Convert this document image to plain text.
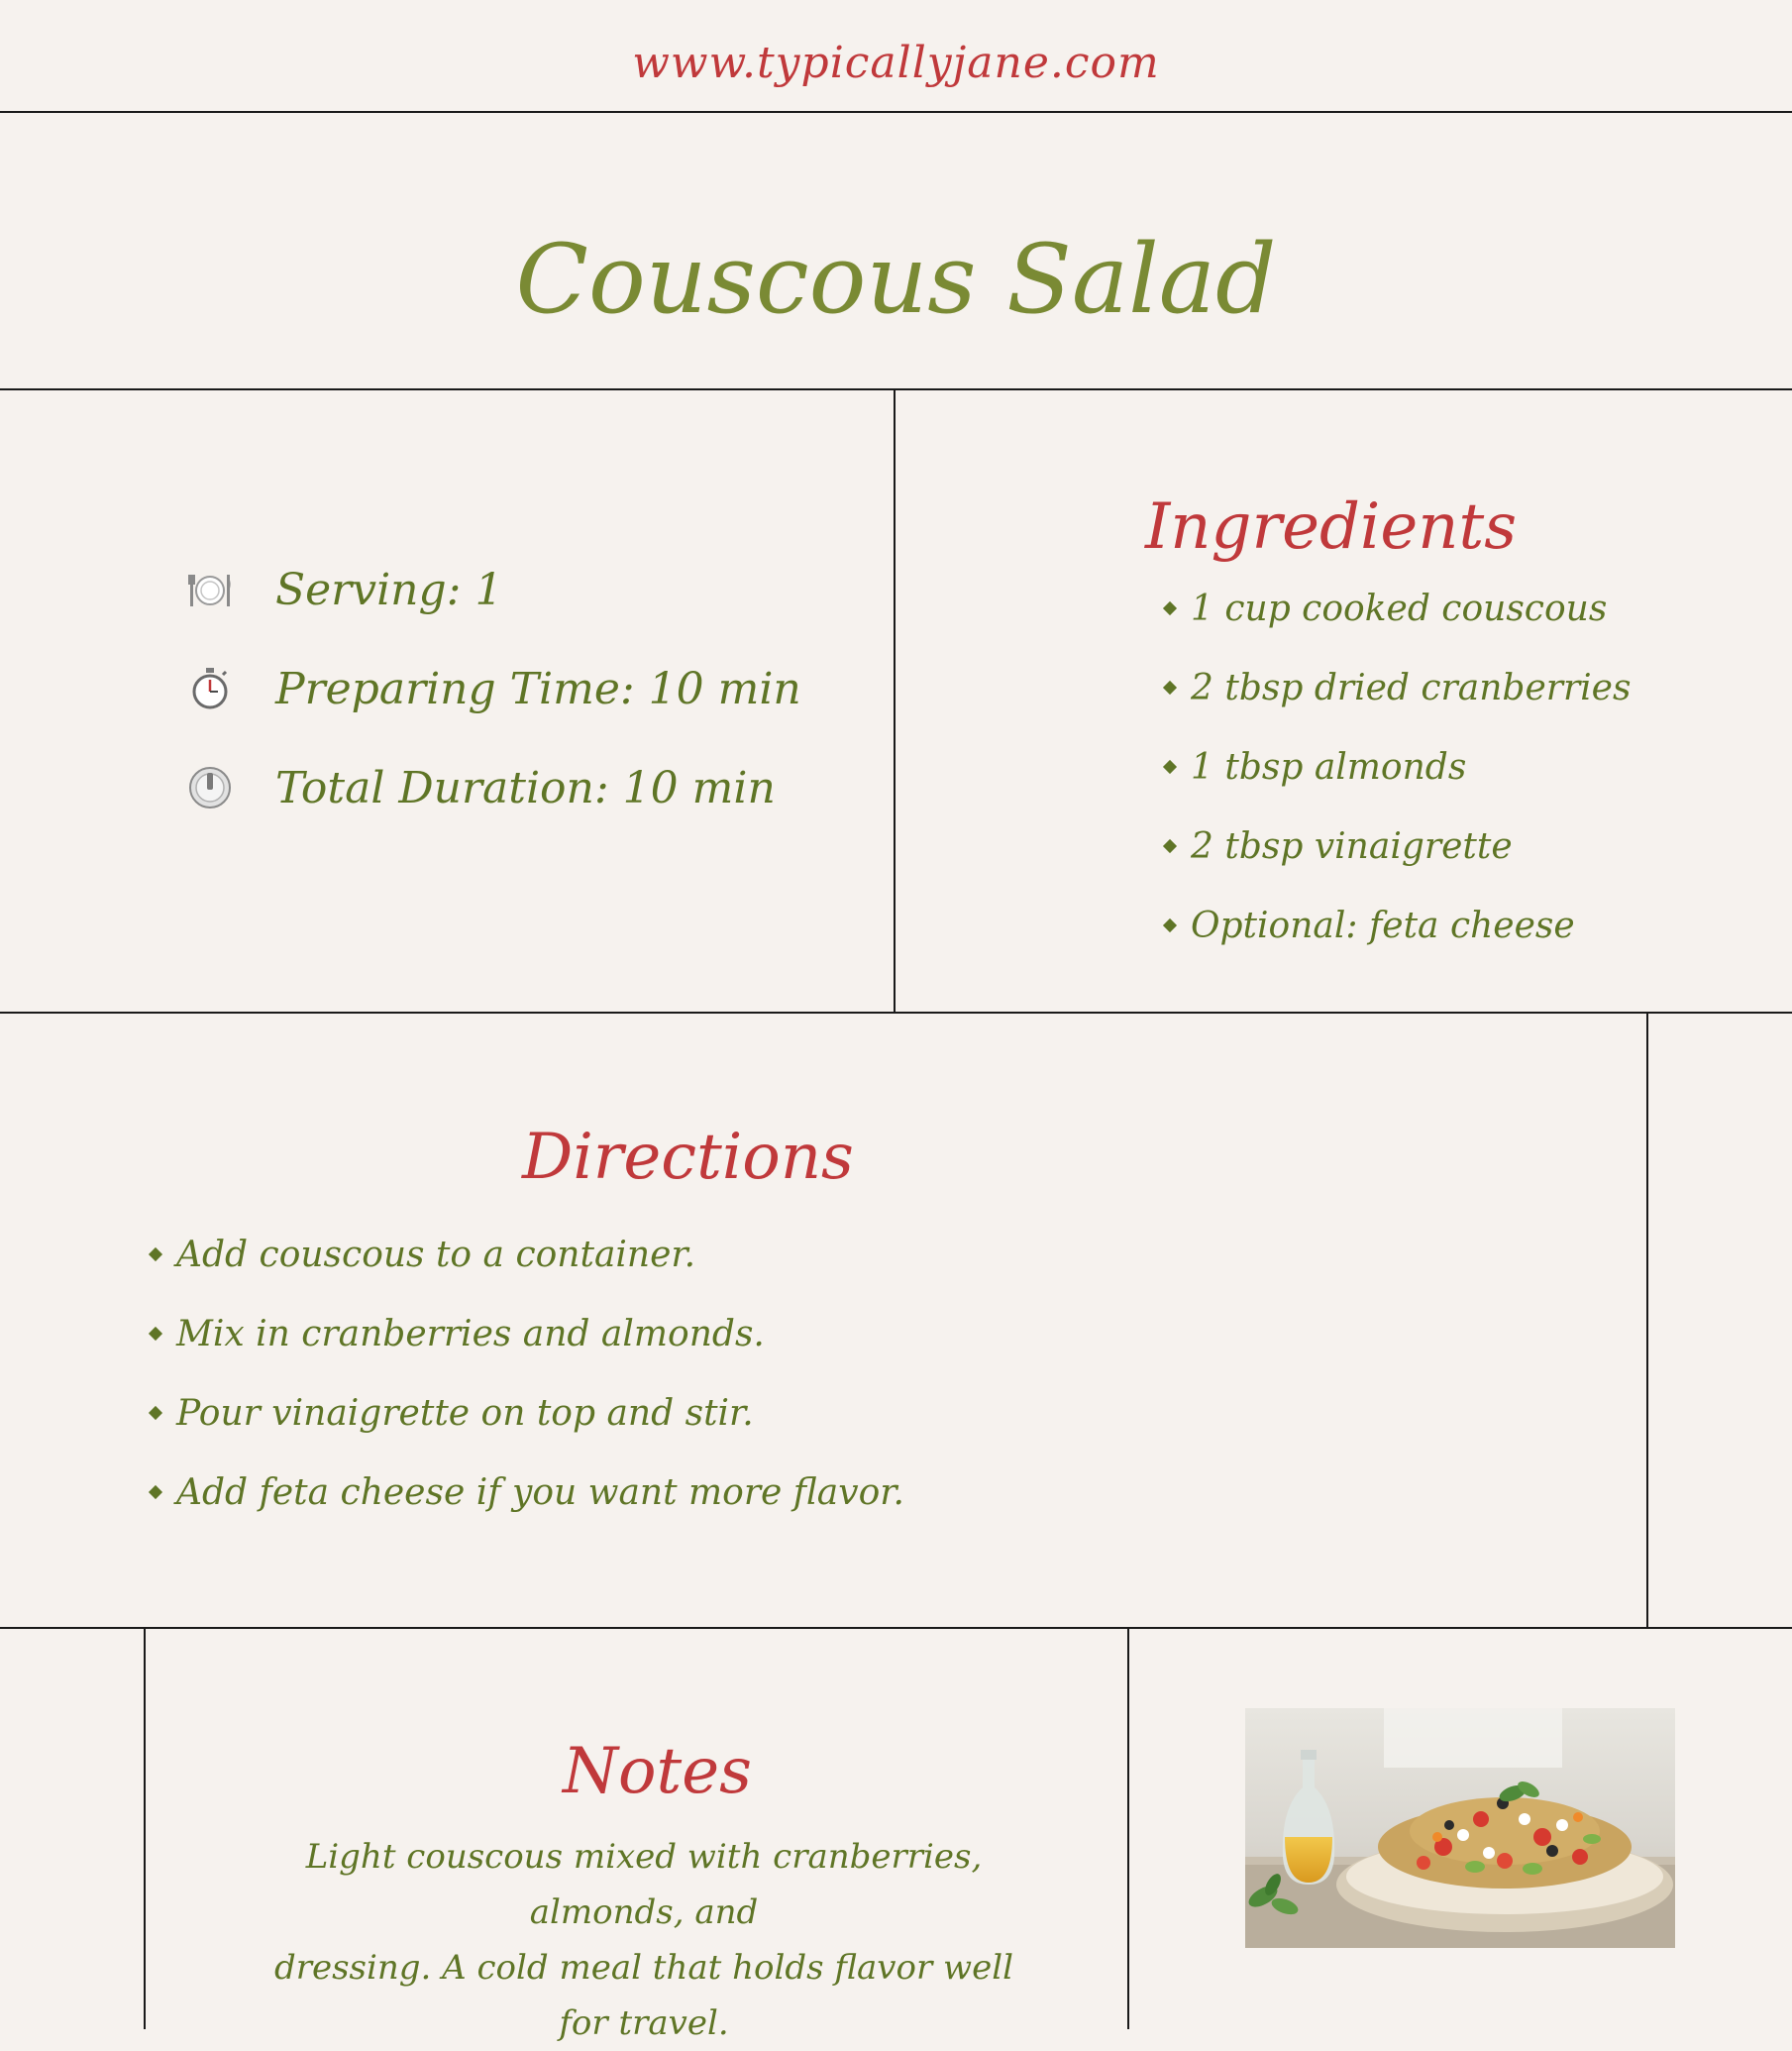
www.typicallyjane.com
Couscous Salad
Serving: 1
Preparing Time: 10 min
Total Duration: 10 min
Ingredients
1 cup cooked couscous
2 tbsp dried cranberries
1 tbsp almonds
2 tbsp vinaigrette
Optional: feta cheese
Directions
Add couscous to a container.
Mix in cranberries and almonds.
Pour vinaigrette on top and stir.
Add feta cheese if you want more flavor.
Notes
Light couscous mixed with cranberries, almonds, and
dressing. A cold meal that holds flavor well for travel.
